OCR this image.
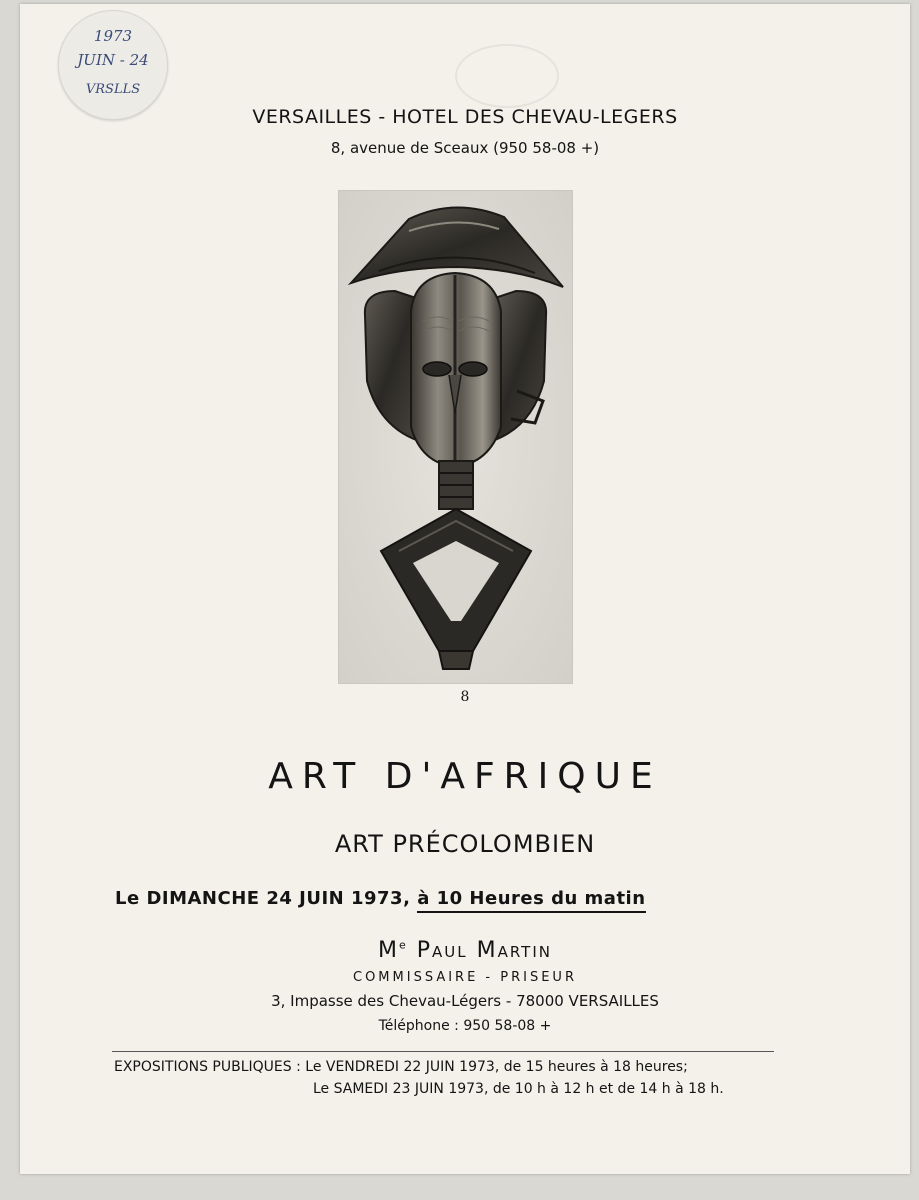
1973
JUIN - 24
VRSLLS
VERSAILLES - HOTEL DES CHEVAU-LEGERS
8, avenue de Sceaux (950 58-08 +)
8
ART D'AFRIQUE
ART PRÉCOLOMBIEN
Le DIMANCHE 24 JUIN 1973, à 10 Heures du matin
Me Paul Martin
COMMISSAIRE - PRISEUR
3, Impasse des Chevau-Légers - 78000 VERSAILLES
Téléphone : 950 58-08 +
EXPOSITIONS PUBLIQUES : Le VENDREDI 22 JUIN 1973, de 15 heures à 18 heures;
Le SAMEDI 23 JUIN 1973, de 10 h à 12 h et de 14 h à 18 h.
